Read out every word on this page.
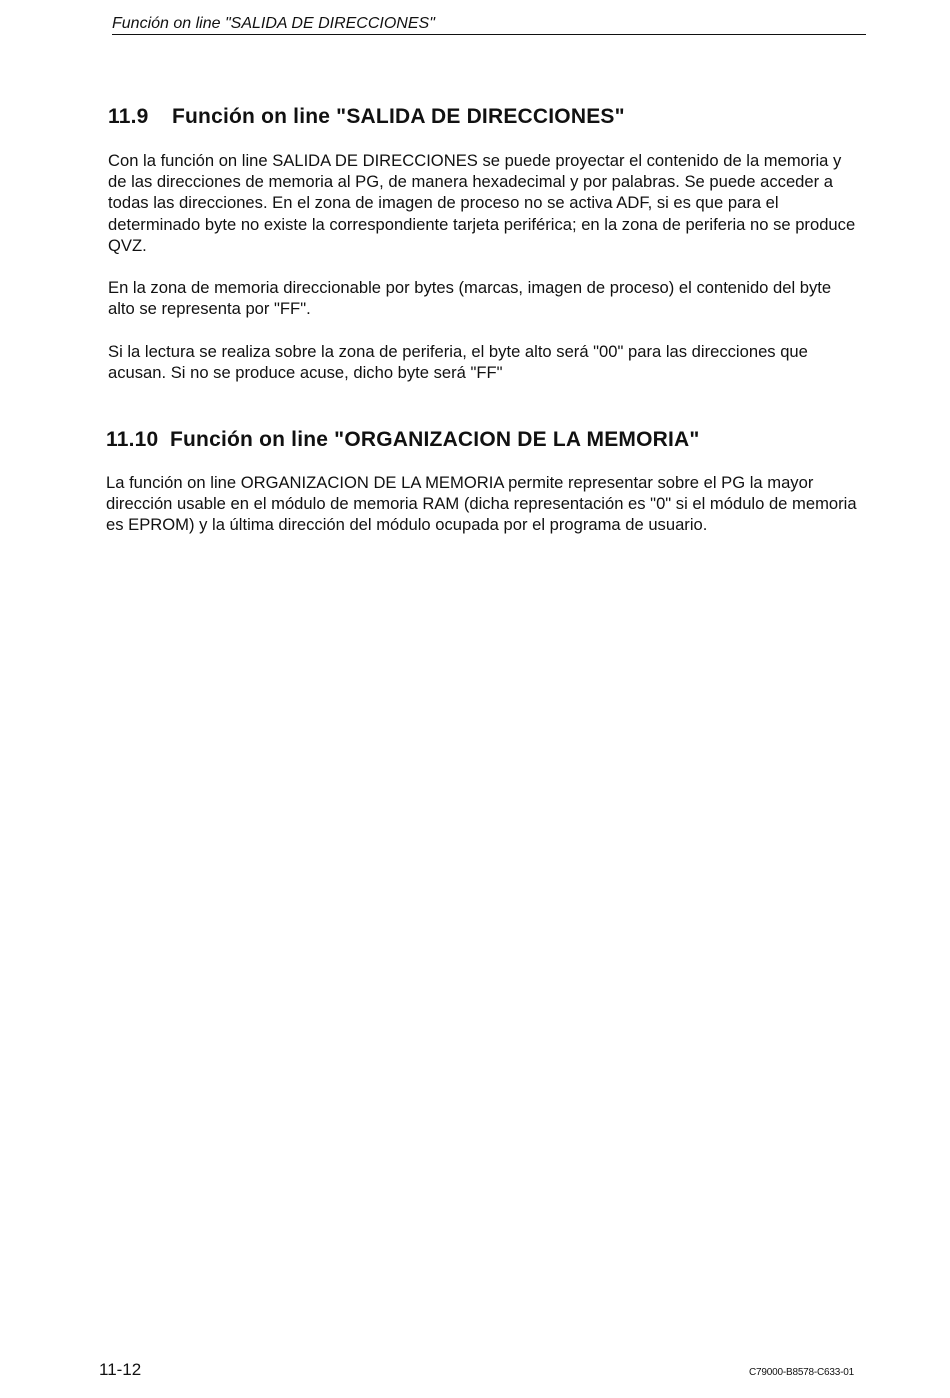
Función on line "SALIDA DE DIRECCIONES"
11.9 Función on line "SALIDA DE DIRECCIONES"

Con la función on line SALIDA DE DIRECCIONES se puede proyectar el contenido de la memoria y de las direcciones de memoria al PG, de manera hexadecimal y por palabras. Se puede acceder a todas las direcciones. En el zona de imagen de proceso no se activa ADF, si es que para el determinado byte no existe la correspondiente tarjeta periférica; en la zona de periferia no se produce QVZ.

En la zona de memoria direccionable por bytes (marcas, imagen de proceso) el contenido del byte alto se representa por "FF".

Si la lectura se realiza sobre la zona de periferia, el byte alto será "00" para las direcciones que acusan. Si no se produce acuse, dicho byte será "FF"

11.10 Función on line "ORGANIZACION DE LA MEMORIA"

La función on line ORGANIZACION DE LA MEMORIA permite representar sobre el PG la mayor dirección usable en el módulo de memoria RAM (dicha representación es "0" si el módulo de memoria es EPROM) y la última dirección del módulo ocupada por el programa de usuario.

11-12	C79000-B8578-C633-01
